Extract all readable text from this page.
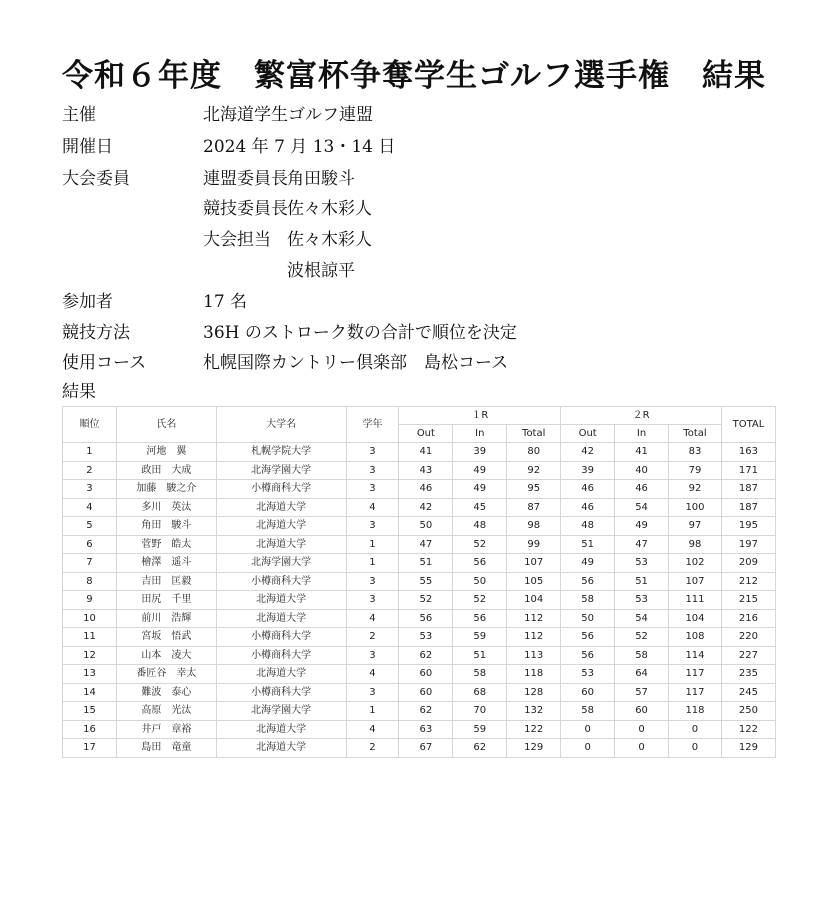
令和６年度　繁富杯争奪学生ゴルフ選手権　結果
主催	北海道学生ゴルフ連盟
開催日	2024 年 7 月 13・14 日
大会委員	連盟委員長 角田駿斗
競技委員長 佐々木彩人
大会担当 佐々木彩人
波根諒平
参加者	17 名
競技方法	36H のストローク数の合計で順位を決定
使用コース	札幌国際カントリー倶楽部　島松コース
結果
順位	氏名	大学名	学年	１R			２R			TOTAL
				Out	In	Total	Out	In	Total	
1	河地　翼	札幌学院大学	3	41	39	80	42	41	83	163
2	政田　大成	北海学園大学	3	43	49	92	39	40	79	171
3	加藤　駿之介	小樽商科大学	3	46	49	95	46	46	92	187
4	多川　英汰	北海道大学	4	42	45	87	46	54	100	187
5	角田　駿斗	北海道大学	3	50	48	98	48	49	97	195
6	菅野　皓太	北海道大学	1	47	52	99	51	47	98	197
7	檜澤　遥斗	北海学園大学	1	51	56	107	49	53	102	209
8	吉田　匡毅	小樽商科大学	3	55	50	105	56	51	107	212
9	田尻　千里	北海道大学	3	52	52	104	58	53	111	215
10	前川　浩輝	北海道大学	4	56	56	112	50	54	104	216
11	宮坂　悟武	小樽商科大学	2	53	59	112	56	52	108	220
12	山本　凌大	小樽商科大学	3	62	51	113	56	58	114	227
13	番匠谷　幸太	北海道大学	4	60	58	118	53	64	117	235
14	難波　泰心	小樽商科大学	3	60	68	128	60	57	117	245
15	高原　光汰	北海学園大学	1	62	70	132	58	60	118	250
16	井戸　章裕	北海道大学	4	63	59	122	0	0	0	122
17	島田　竜童	北海道大学	2	67	62	129	0	0	0	129
